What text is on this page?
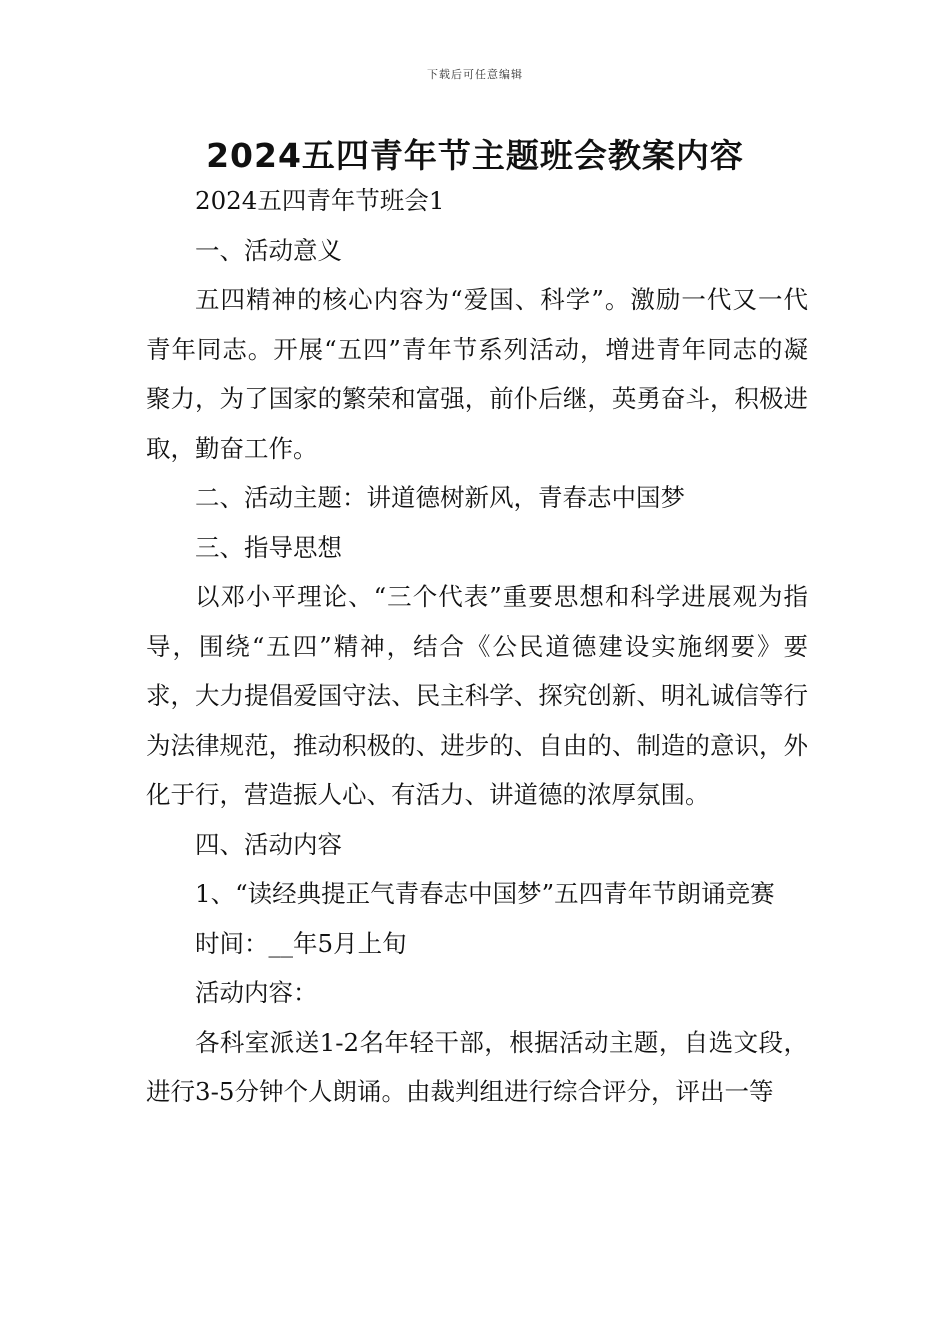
下载后可任意编辑
2024五四青年节主题班会教案内容

2024五四青年节班会1

一、活动意义

五四精神的核心内容为“爱国、科学”。激励一代又一代青年同志。开展“五四”青年节系列活动，增进青年同志的凝聚力，为了国家的繁荣和富强，前仆后继，英勇奋斗，积极进取，勤奋工作。

二、活动主题：讲道德树新风，青春志中国梦

三、指导思想

以邓小平理论、“三个代表”重要思想和科学进展观为指导，围绕“五四”精神，结合《公民道德建设实施纲要》要求，大力提倡爱国守法、民主科学、探究创新、明礼诚信等行为法律规范，推动积极的、进步的、自由的、制造的意识，外化于行，营造振人心、有活力、讲道德的浓厚氛围。

四、活动内容

1、“读经典提正气青春志中国梦”五四青年节朗诵竞赛

时间：__年5月上旬

活动内容：

各科室派送1-2名年轻干部，根据活动主题，自选文段，进行3-5分钟个人朗诵。由裁判组进行综合评分，评出一等
